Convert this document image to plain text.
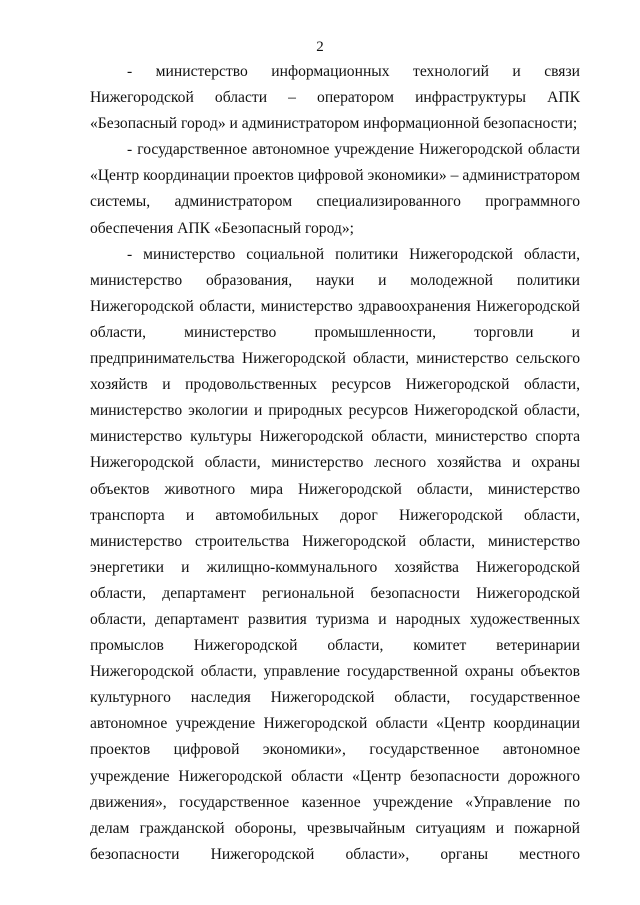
2

- министерство информационных технологий и связи Нижегородской области – оператором инфраструктуры АПК «Безопасный город» и администратором информационной безопасности;

- государственное автономное учреждение Нижегородской области «Центр координации проектов цифровой экономики» – администратором системы, администратором специализированного программного обеспечения АПК «Безопасный город»;

- министерство социальной политики Нижегородской области, министерство образования, науки и молодежной политики Нижегородской области, министерство здравоохранения Нижегородской области, министерство промышленности, торговли и предпринимательства Нижегородской области, министерство сельского хозяйств и продовольственных ресурсов Нижегородской области, министерство экологии и природных ресурсов Нижегородской области, министерство культуры Нижегородской области, министерство спорта Нижегородской области, министерство лесного хозяйства и охраны объектов животного мира Нижегородской области, министерство транспорта и автомобильных дорог Нижегородской области, министерство строительства Нижегородской области, министерство энергетики и жилищно-коммунального хозяйства Нижегородской области, департамент региональной безопасности Нижегородской области, департамент развития туризма и народных художественных промыслов Нижегородской области, комитет ветеринарии Нижегородской области, управление государственной охраны объектов культурного наследия Нижегородской области, государственное автономное учреждение Нижегородской области «Центр координации проектов цифровой экономики», государственное автономное учреждение Нижегородской области «Центр безопасности дорожного движения», государственное казенное учреждение «Управление по делам гражданской обороны, чрезвычайным ситуациям и пожарной безопасности Нижегородской области», органы местного
